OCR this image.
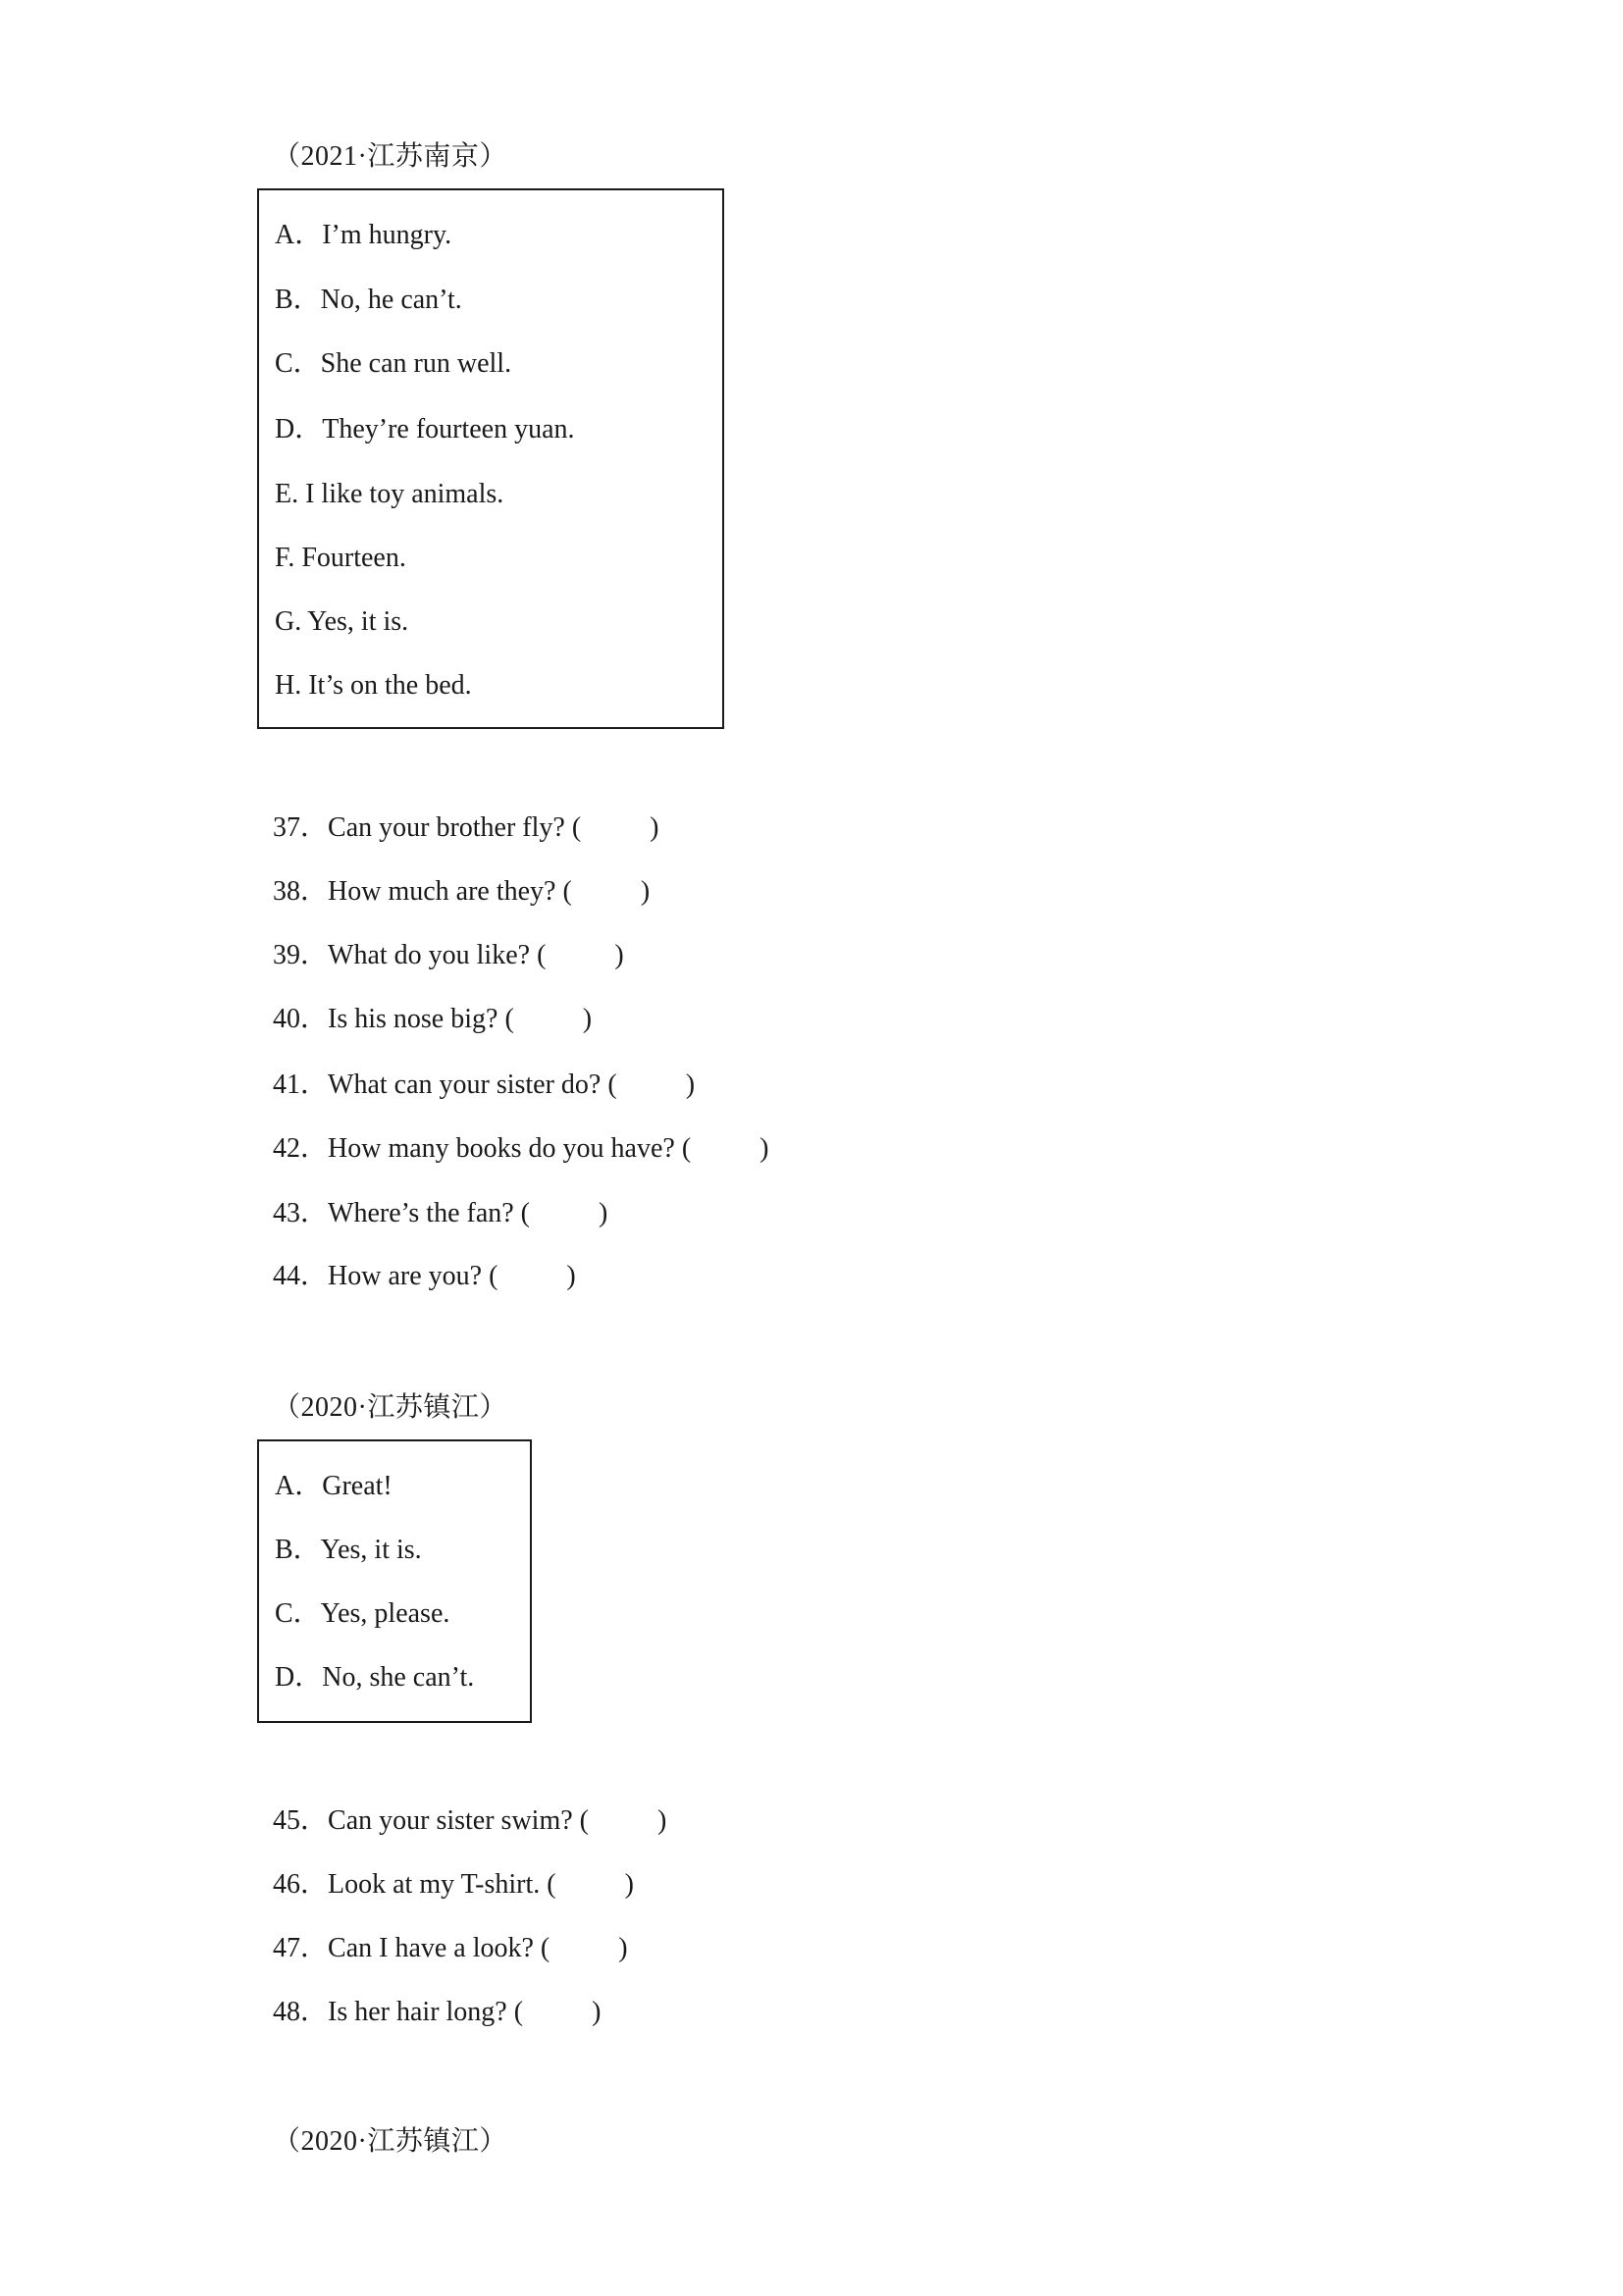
（2021·江苏南京）
A．I’m hungry.
B．No, he can’t.
C．She can run well.
D．They’re fourteen yuan.
E. I like toy animals.
F. Fourteen.
G. Yes, it is.
H. It’s on the bed.
37．Can your brother fly? (	)
38．How much are they? (	)
39．What do you like? (	)
40．Is his nose big? (	)
41．What can your sister do? (	)
42．How many books do you have? (	)
43．Where’s the fan? (	)
44．How are you? (	)
（2020·江苏镇江）
A．Great!
B．Yes, it is.
C．Yes, please.
D．No, she can’t.
45．Can your sister swim? (	)
46．Look at my T-shirt. (	)
47．Can I have a look? (	)
48．Is her hair long? (	)
（2020·江苏镇江）
